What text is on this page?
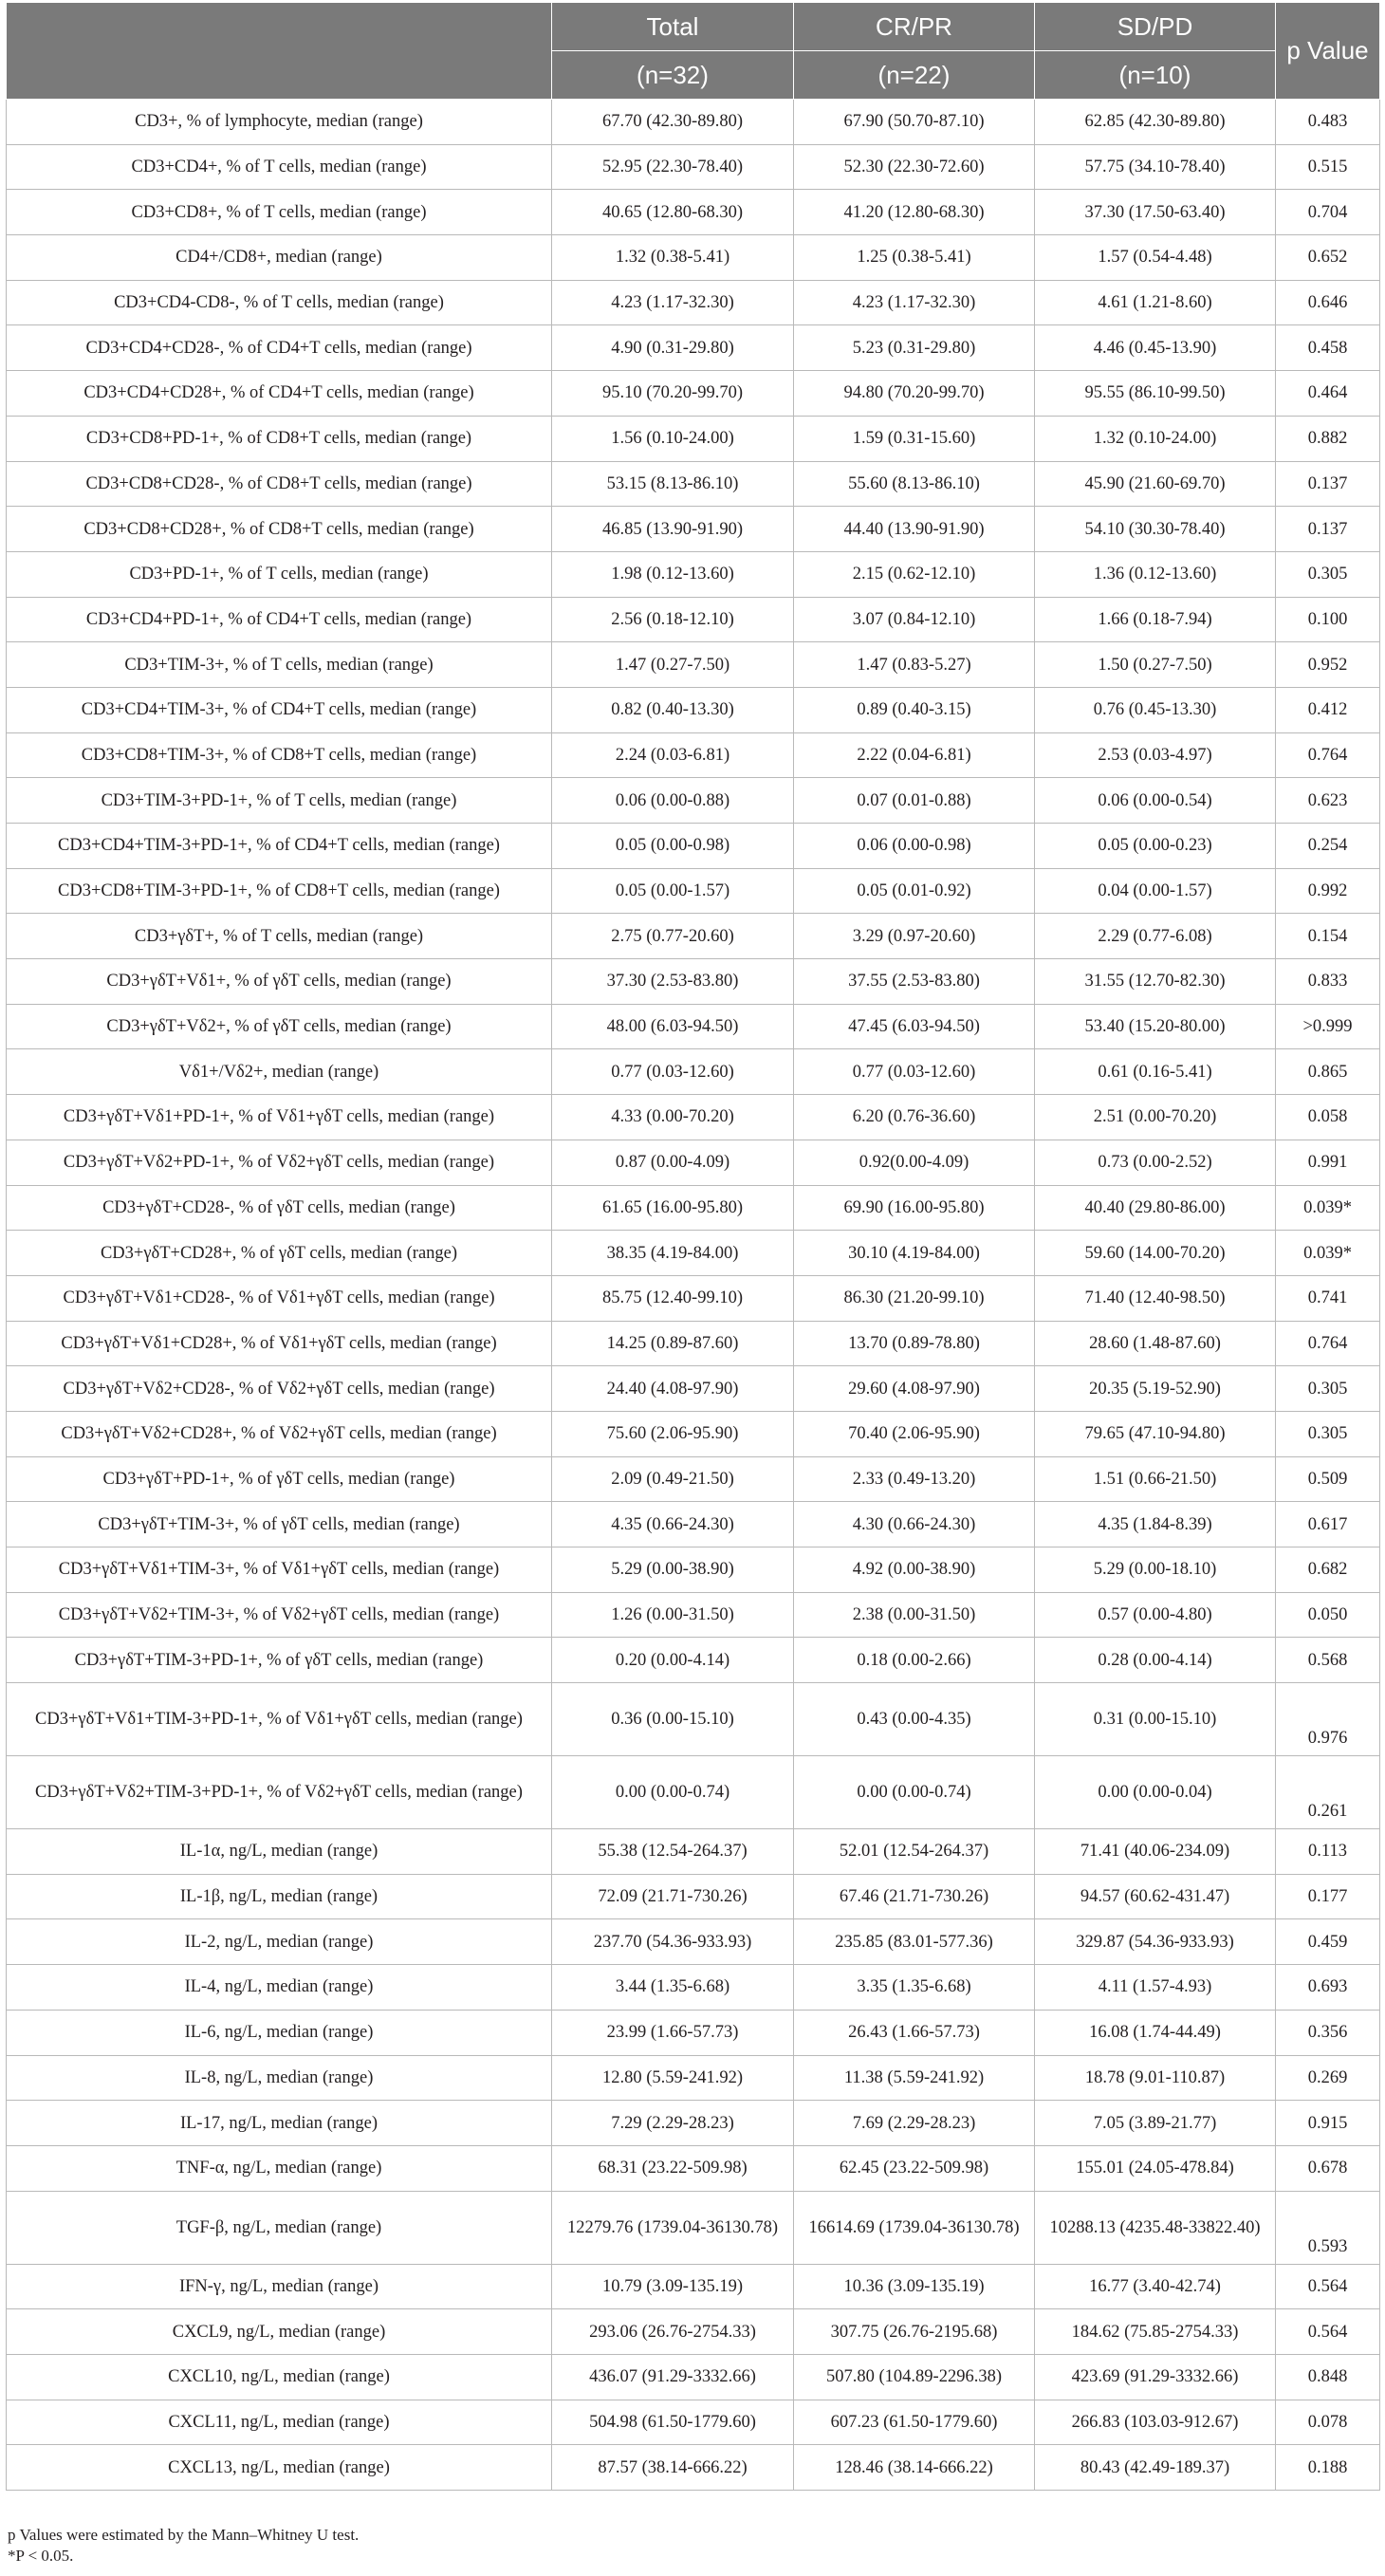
	Total	CR/PR	SD/PD	p Value
	(n=32)	(n=22)	(n=10)	
CD3+, % of lymphocyte, median (range)	67.70 (42.30-89.80)	67.90 (50.70-87.10)	62.85 (42.30-89.80)	0.483
CD3+CD4+, % of T cells, median (range)	52.95 (22.30-78.40)	52.30 (22.30-72.60)	57.75 (34.10-78.40)	0.515
CD3+CD8+, % of T cells, median (range)	40.65 (12.80-68.30)	41.20 (12.80-68.30)	37.30 (17.50-63.40)	0.704
CD4+/CD8+, median (range)	1.32 (0.38-5.41)	1.25 (0.38-5.41)	1.57 (0.54-4.48)	0.652
CD3+CD4-CD8-, % of T cells, median (range)	4.23 (1.17-32.30)	4.23 (1.17-32.30)	4.61 (1.21-8.60)	0.646
CD3+CD4+CD28-, % of CD4+T cells, median (range)	4.90 (0.31-29.80)	5.23 (0.31-29.80)	4.46 (0.45-13.90)	0.458
CD3+CD4+CD28+, % of CD4+T cells, median (range)	95.10 (70.20-99.70)	94.80 (70.20-99.70)	95.55 (86.10-99.50)	0.464
CD3+CD8+PD-1+, % of CD8+T cells, median (range)	1.56 (0.10-24.00)	1.59 (0.31-15.60)	1.32 (0.10-24.00)	0.882
CD3+CD8+CD28-, % of CD8+T cells, median (range)	53.15 (8.13-86.10)	55.60 (8.13-86.10)	45.90 (21.60-69.70)	0.137
CD3+CD8+CD28+, % of CD8+T cells, median (range)	46.85 (13.90-91.90)	44.40 (13.90-91.90)	54.10 (30.30-78.40)	0.137
CD3+PD-1+, % of T cells, median (range)	1.98 (0.12-13.60)	2.15 (0.62-12.10)	1.36 (0.12-13.60)	0.305
CD3+CD4+PD-1+, % of CD4+T cells, median (range)	2.56 (0.18-12.10)	3.07 (0.84-12.10)	1.66 (0.18-7.94)	0.100
CD3+TIM-3+, % of T cells, median (range)	1.47 (0.27-7.50)	1.47 (0.83-5.27)	1.50 (0.27-7.50)	0.952
CD3+CD4+TIM-3+, % of CD4+T cells, median (range)	0.82 (0.40-13.30)	0.89 (0.40-3.15)	0.76 (0.45-13.30)	0.412
CD3+CD8+TIM-3+, % of CD8+T cells, median (range)	2.24 (0.03-6.81)	2.22 (0.04-6.81)	2.53 (0.03-4.97)	0.764
CD3+TIM-3+PD-1+, % of T cells, median (range)	0.06 (0.00-0.88)	0.07 (0.01-0.88)	0.06 (0.00-0.54)	0.623
CD3+CD4+TIM-3+PD-1+, % of CD4+T cells, median (range)	0.05 (0.00-0.98)	0.06 (0.00-0.98)	0.05 (0.00-0.23)	0.254
CD3+CD8+TIM-3+PD-1+, % of CD8+T cells, median (range)	0.05 (0.00-1.57)	0.05 (0.01-0.92)	0.04 (0.00-1.57)	0.992
CD3+γδT+, % of T cells, median (range)	2.75 (0.77-20.60)	3.29 (0.97-20.60)	2.29 (0.77-6.08)	0.154
CD3+γδT+Vδ1+, % of γδT cells, median (range)	37.30 (2.53-83.80)	37.55 (2.53-83.80)	31.55 (12.70-82.30)	0.833
CD3+γδT+Vδ2+, % of γδT cells, median (range)	48.00 (6.03-94.50)	47.45 (6.03-94.50)	53.40 (15.20-80.00)	>0.999
Vδ1+/Vδ2+, median (range)	0.77 (0.03-12.60)	0.77 (0.03-12.60)	0.61 (0.16-5.41)	0.865
CD3+γδT+Vδ1+PD-1+, % of Vδ1+γδT cells, median (range)	4.33 (0.00-70.20)	6.20 (0.76-36.60)	2.51 (0.00-70.20)	0.058
CD3+γδT+Vδ2+PD-1+, % of Vδ2+γδT cells, median (range)	0.87 (0.00-4.09)	0.92(0.00-4.09)	0.73 (0.00-2.52)	0.991
CD3+γδT+CD28-, % of γδT cells, median (range)	61.65 (16.00-95.80)	69.90 (16.00-95.80)	40.40 (29.80-86.00)	0.039*
CD3+γδT+CD28+, % of γδT cells, median (range)	38.35 (4.19-84.00)	30.10 (4.19-84.00)	59.60 (14.00-70.20)	0.039*
CD3+γδT+Vδ1+CD28-, % of Vδ1+γδT cells, median (range)	85.75 (12.40-99.10)	86.30 (21.20-99.10)	71.40 (12.40-98.50)	0.741
CD3+γδT+Vδ1+CD28+, % of Vδ1+γδT cells, median (range)	14.25 (0.89-87.60)	13.70 (0.89-78.80)	28.60 (1.48-87.60)	0.764
CD3+γδT+Vδ2+CD28-, % of Vδ2+γδT cells, median (range)	24.40 (4.08-97.90)	29.60 (4.08-97.90)	20.35 (5.19-52.90)	0.305
CD3+γδT+Vδ2+CD28+, % of Vδ2+γδT cells, median (range)	75.60 (2.06-95.90)	70.40 (2.06-95.90)	79.65 (47.10-94.80)	0.305
CD3+γδT+PD-1+, % of γδT cells, median (range)	2.09 (0.49-21.50)	2.33 (0.49-13.20)	1.51 (0.66-21.50)	0.509
CD3+γδT+TIM-3+, % of γδT cells, median (range)	4.35 (0.66-24.30)	4.30 (0.66-24.30)	4.35 (1.84-8.39)	0.617
CD3+γδT+Vδ1+TIM-3+, % of Vδ1+γδT cells, median (range)	5.29 (0.00-38.90)	4.92 (0.00-38.90)	5.29 (0.00-18.10)	0.682
CD3+γδT+Vδ2+TIM-3+, % of Vδ2+γδT cells, median (range)	1.26 (0.00-31.50)	2.38 (0.00-31.50)	0.57 (0.00-4.80)	0.050
CD3+γδT+TIM-3+PD-1+, % of γδT cells, median (range)	0.20 (0.00-4.14)	0.18 (0.00-2.66)	0.28 (0.00-4.14)	0.568
CD3+γδT+Vδ1+TIM-3+PD-1+, % of Vδ1+γδT cells, median (range)	0.36 (0.00-15.10)	0.43 (0.00-4.35)	0.31 (0.00-15.10)	0.976
CD3+γδT+Vδ2+TIM-3+PD-1+, % of Vδ2+γδT cells, median (range)	0.00 (0.00-0.74)	0.00 (0.00-0.74)	0.00 (0.00-0.04)	0.261
IL-1α, ng/L, median (range)	55.38 (12.54-264.37)	52.01 (12.54-264.37)	71.41 (40.06-234.09)	0.113
IL-1β, ng/L, median (range)	72.09 (21.71-730.26)	67.46 (21.71-730.26)	94.57 (60.62-431.47)	0.177
IL-2, ng/L, median (range)	237.70 (54.36-933.93)	235.85 (83.01-577.36)	329.87 (54.36-933.93)	0.459
IL-4, ng/L, median (range)	3.44 (1.35-6.68)	3.35 (1.35-6.68)	4.11 (1.57-4.93)	0.693
IL-6, ng/L, median (range)	23.99 (1.66-57.73)	26.43 (1.66-57.73)	16.08 (1.74-44.49)	0.356
IL-8, ng/L, median (range)	12.80 (5.59-241.92)	11.38 (5.59-241.92)	18.78 (9.01-110.87)	0.269
IL-17, ng/L, median (range)	7.29 (2.29-28.23)	7.69 (2.29-28.23)	7.05 (3.89-21.77)	0.915
TNF-α, ng/L, median (range)	68.31 (23.22-509.98)	62.45 (23.22-509.98)	155.01 (24.05-478.84)	0.678
TGF-β, ng/L, median (range)	12279.76 (1739.04-36130.78)	16614.69 (1739.04-36130.78)	10288.13 (4235.48-33822.40)	0.593
IFN-γ, ng/L, median (range)	10.79 (3.09-135.19)	10.36 (3.09-135.19)	16.77 (3.40-42.74)	0.564
CXCL9, ng/L, median (range)	293.06 (26.76-2754.33)	307.75 (26.76-2195.68)	184.62 (75.85-2754.33)	0.564
CXCL10, ng/L, median (range)	436.07 (91.29-3332.66)	507.80 (104.89-2296.38)	423.69 (91.29-3332.66)	0.848
CXCL11, ng/L, median (range)	504.98 (61.50-1779.60)	607.23 (61.50-1779.60)	266.83 (103.03-912.67)	0.078
CXCL13, ng/L, median (range)	87.57 (38.14-666.22)	128.46 (38.14-666.22)	80.43 (42.49-189.37)	0.188
p Values were estimated by the Mann–Whitney U test.
*P < 0.05.
